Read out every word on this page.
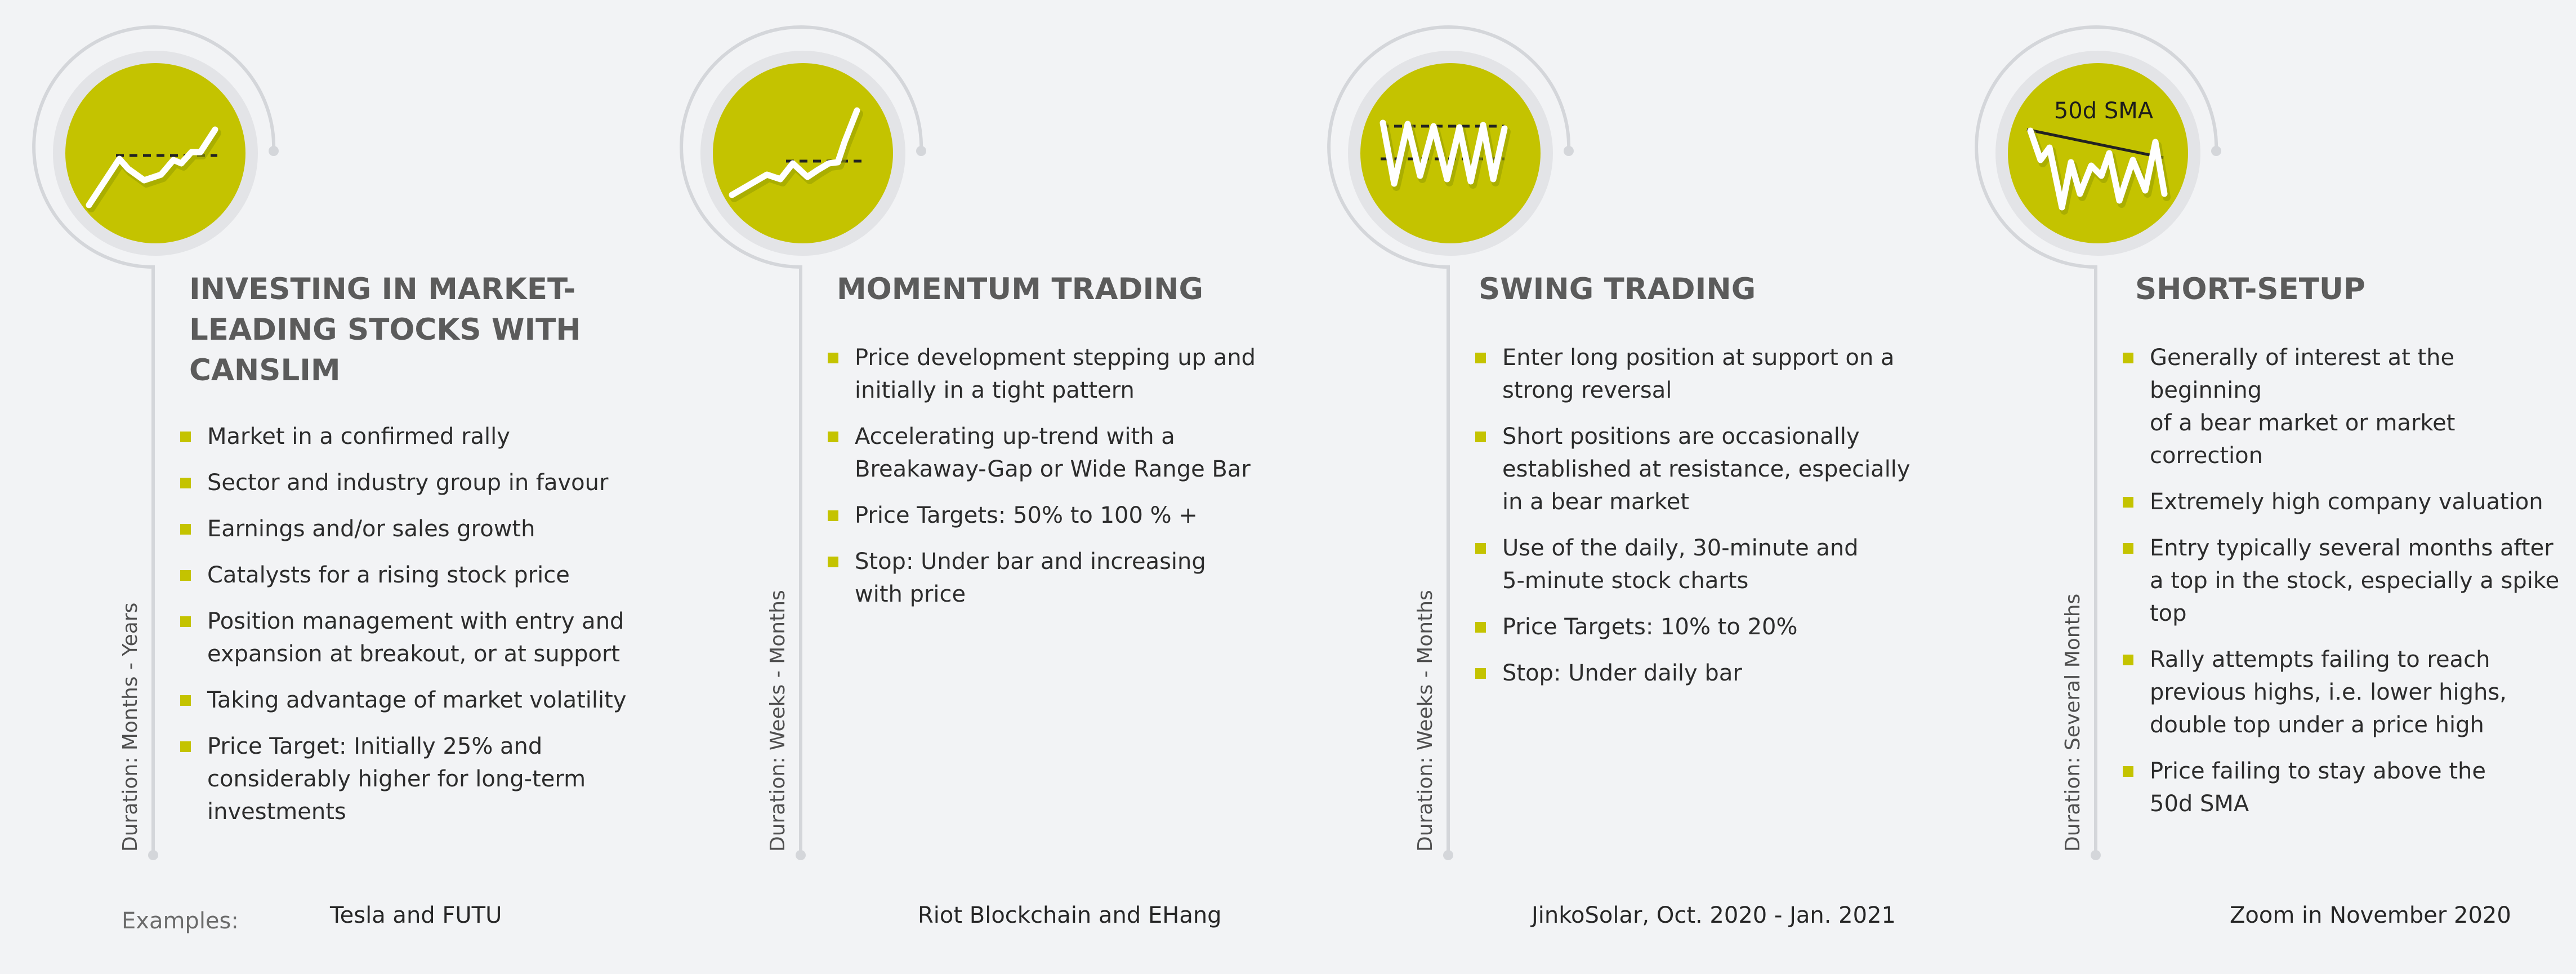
INVESTING IN MARKET-
LEADING STOCKS WITH
CANSLIM
Market in a confirmed rally
Sector and industry group in favour
Earnings and/or sales growth
Catalysts for a rising stock price
Position management with entry and
expansion at breakout, or at support
Taking advantage of market volatility
Price Target: Initially 25% and
considerably higher for long-term
investments
Duration: Months - Years
Tesla and FUTU
MOMENTUM TRADING
Price development stepping up and
initially in a tight pattern
Accelerating up-trend with a
Breakaway-Gap or Wide Range Bar
Price Targets: 50% to 100 % +
Stop: Under bar and increasing
with price
Duration: Weeks - Months
Riot Blockchain and EHang
SWING TRADING
Enter long position at support on a
strong reversal
Short positions are occasionally
established at resistance, especially
in a bear market
Use of the daily, 30-minute and
5-minute stock charts
Price Targets: 10% to 20%
Stop: Under daily bar
Duration: Weeks - Months
JinkoSolar, Oct. 2020 - Jan. 2021
50d SMA
SHORT-SETUP
Generally of interest at the beginning
of a bear market or market correction
Extremely high company valuation
Entry typically several months after
a top in the stock, especially a spike
top
Rally attempts failing to reach
previous highs, i.e. lower highs,
double top under a price high
Price failing to stay above the
50d SMA
Duration: Several Months
Zoom in November 2020
Examples:
